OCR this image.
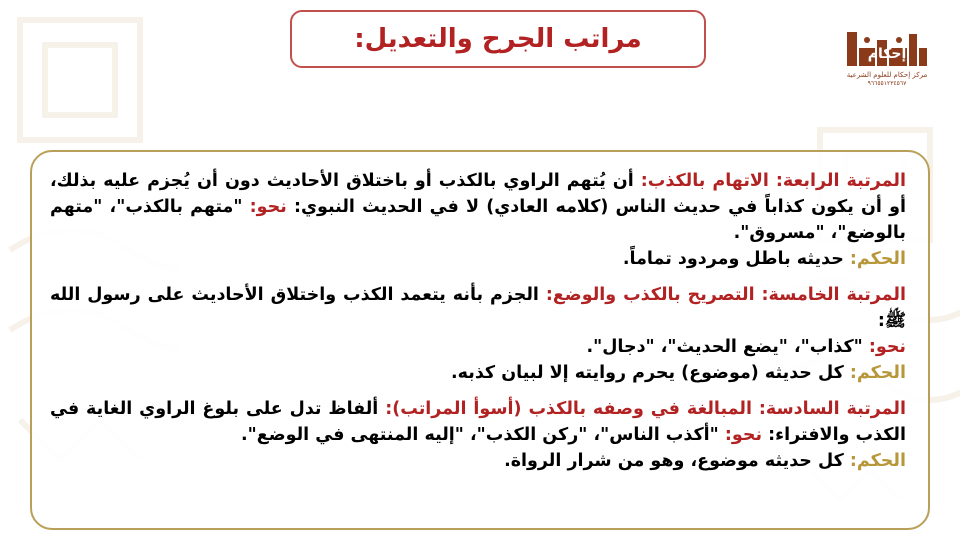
مراتب الجرح والتعديل:	إحكام
مركز إحكام للعلوم الشرعية
٩٦٦٥٥١٢٣٤٥٦٧
المرتبة الرابعة: الاتهام بالكذب: أن يُتهم الراوي بالكذب أو باختلاق الأحاديث دون أن يُجزم عليه بذلك، أو أن يكون كذاباً في حديث الناس (كلامه العادي) لا في الحديث النبوي: نحو: "متهم بالكذب"، "متهم بالوضع"، "مسروق".
الحكم: حديثه باطل ومردود تماماً.
المرتبة الخامسة: التصريح بالكذب والوضع: الجزم بأنه يتعمد الكذب واختلاق الأحاديث على رسول الله ﷺ:
نحو: "كذاب"، "يضع الحديث"، "دجال".
الحكم: كل حديثه (موضوع) يحرم روايته إلا لبيان كذبه.
المرتبة السادسة: المبالغة في وصفه بالكذب (أسوأ المراتب): ألفاظ تدل على بلوغ الراوي الغاية في الكذب والافتراء: نحو: "أكذب الناس"، "ركن الكذب"، "إليه المنتهى في الوضع".
الحكم: كل حديثه موضوع، وهو من شرار الرواة.
